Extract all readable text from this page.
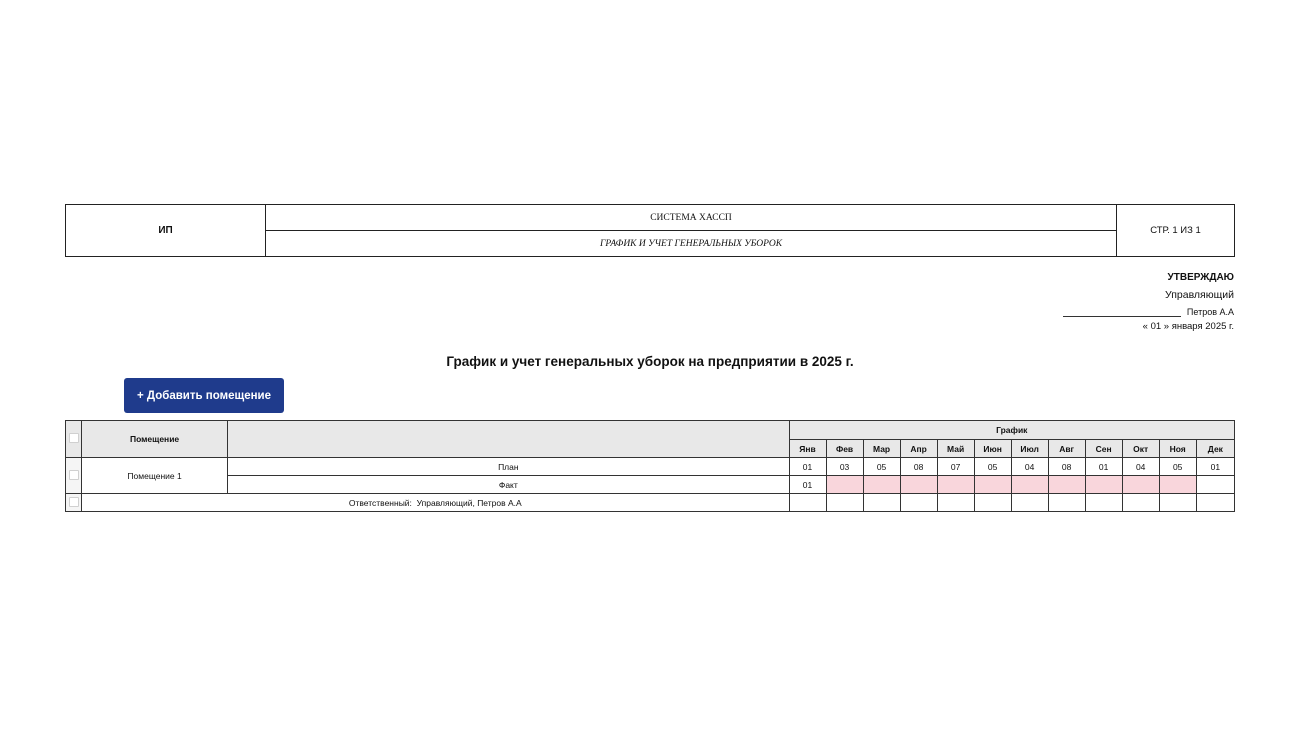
ИП
СИСТЕМА ХАССП
ГРАФИК И УЧЕТ ГЕНЕРАЛЬНЫХ УБОРОК
СТР. 1 ИЗ 1
УТВЕРЖДАЮ
Управляющий
Петров А.А
« 01 » января 2025 г.
График и учет генеральных уборок на предприятии в 2025 г.
+ Добавить помещение
	Помещение		График											
			Янв	Фев	Мар	Апр	Май	Июн	Июл	Авг	Сен	Окт	Ноя	Дек
	Помещение 1	План	01	03	05	08	07	05	04	08	01	04	05	01
		Факт	01											
	Ответственный: Управляющий, Петров А.А													
